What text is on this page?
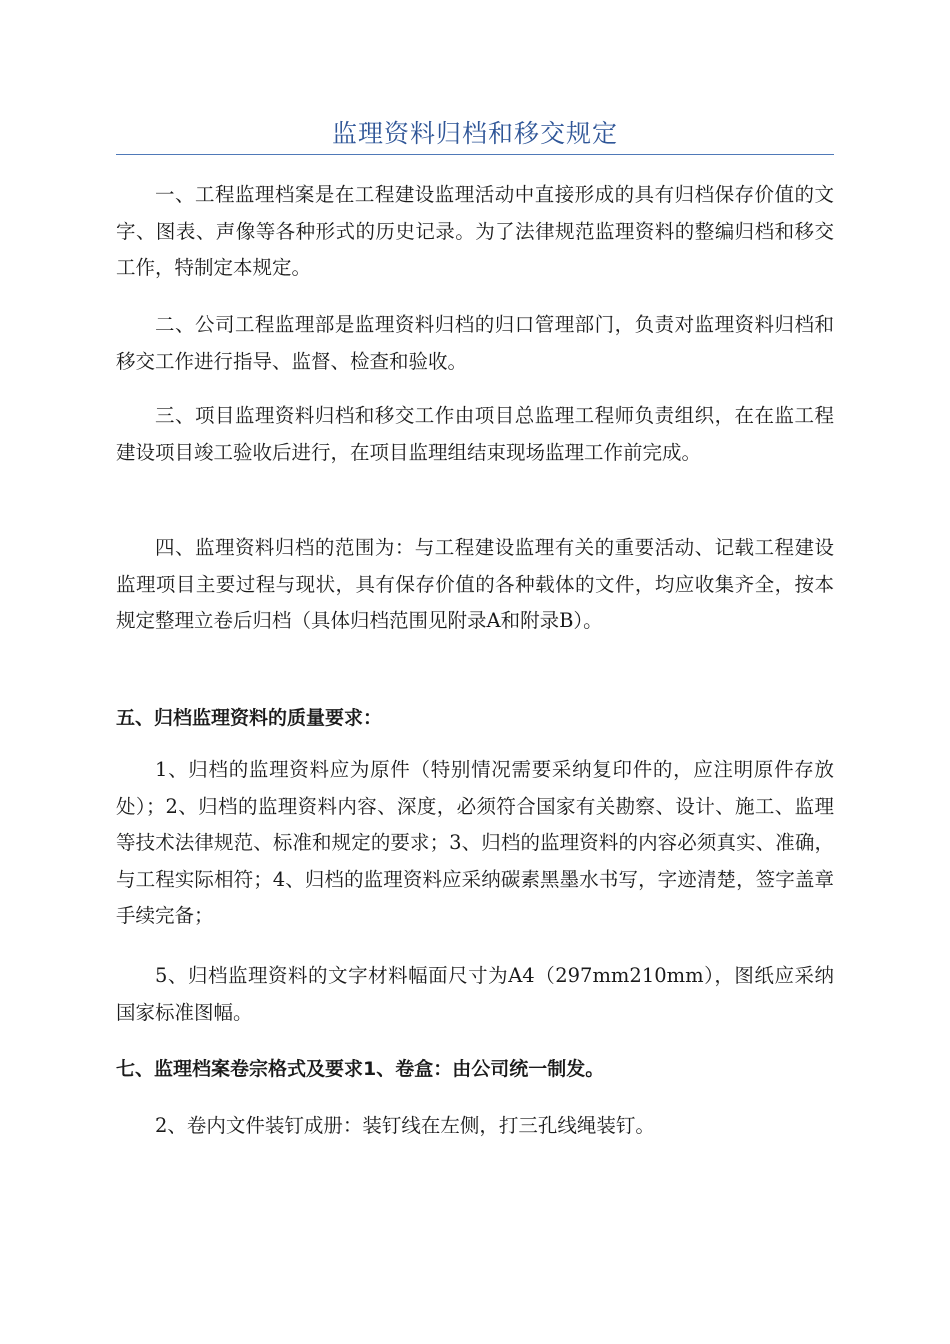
监理资料归档和移交规定

一、工程监理档案是在工程建设监理活动中直接形成的具有归档保存价值的文字、图表、声像等各种形式的历史记录。为了法律规范监理资料的整编归档和移交工作，特制定本规定。

二、公司工程监理部是监理资料归档的归口管理部门，负责对监理资料归档和移交工作进行指导、监督、检查和验收。

三、项目监理资料归档和移交工作由项目总监理工程师负责组织，在在监工程建设项目竣工验收后进行，在项目监理组结束现场监理工作前完成。

四、监理资料归档的范围为：与工程建设监理有关的重要活动、记载工程建设监理项目主要过程与现状，具有保存价值的各种载体的文件，均应收集齐全，按本规定整理立卷后归档（具体归档范围见附录A和附录B）。

五、归档监理资料的质量要求：

1、归档的监理资料应为原件（特别情况需要采纳复印件的，应注明原件存放处）；2、归档的监理资料内容、深度，必须符合国家有关勘察、设计、施工、监理等技术法律规范、标准和规定的要求；3、归档的监理资料的内容必须真实、准确，与工程实际相符；4、归档的监理资料应采纳碳素黑墨水书写，字迹清楚，签字盖章手续完备；

5、归档监理资料的文字材料幅面尺寸为A4（297mm210mm），图纸应采纳国家标准图幅。

七、监理档案卷宗格式及要求1、卷盒：由公司统一制发。

2、卷内文件装钉成册：装钉线在左侧，打三孔线绳装钉。
